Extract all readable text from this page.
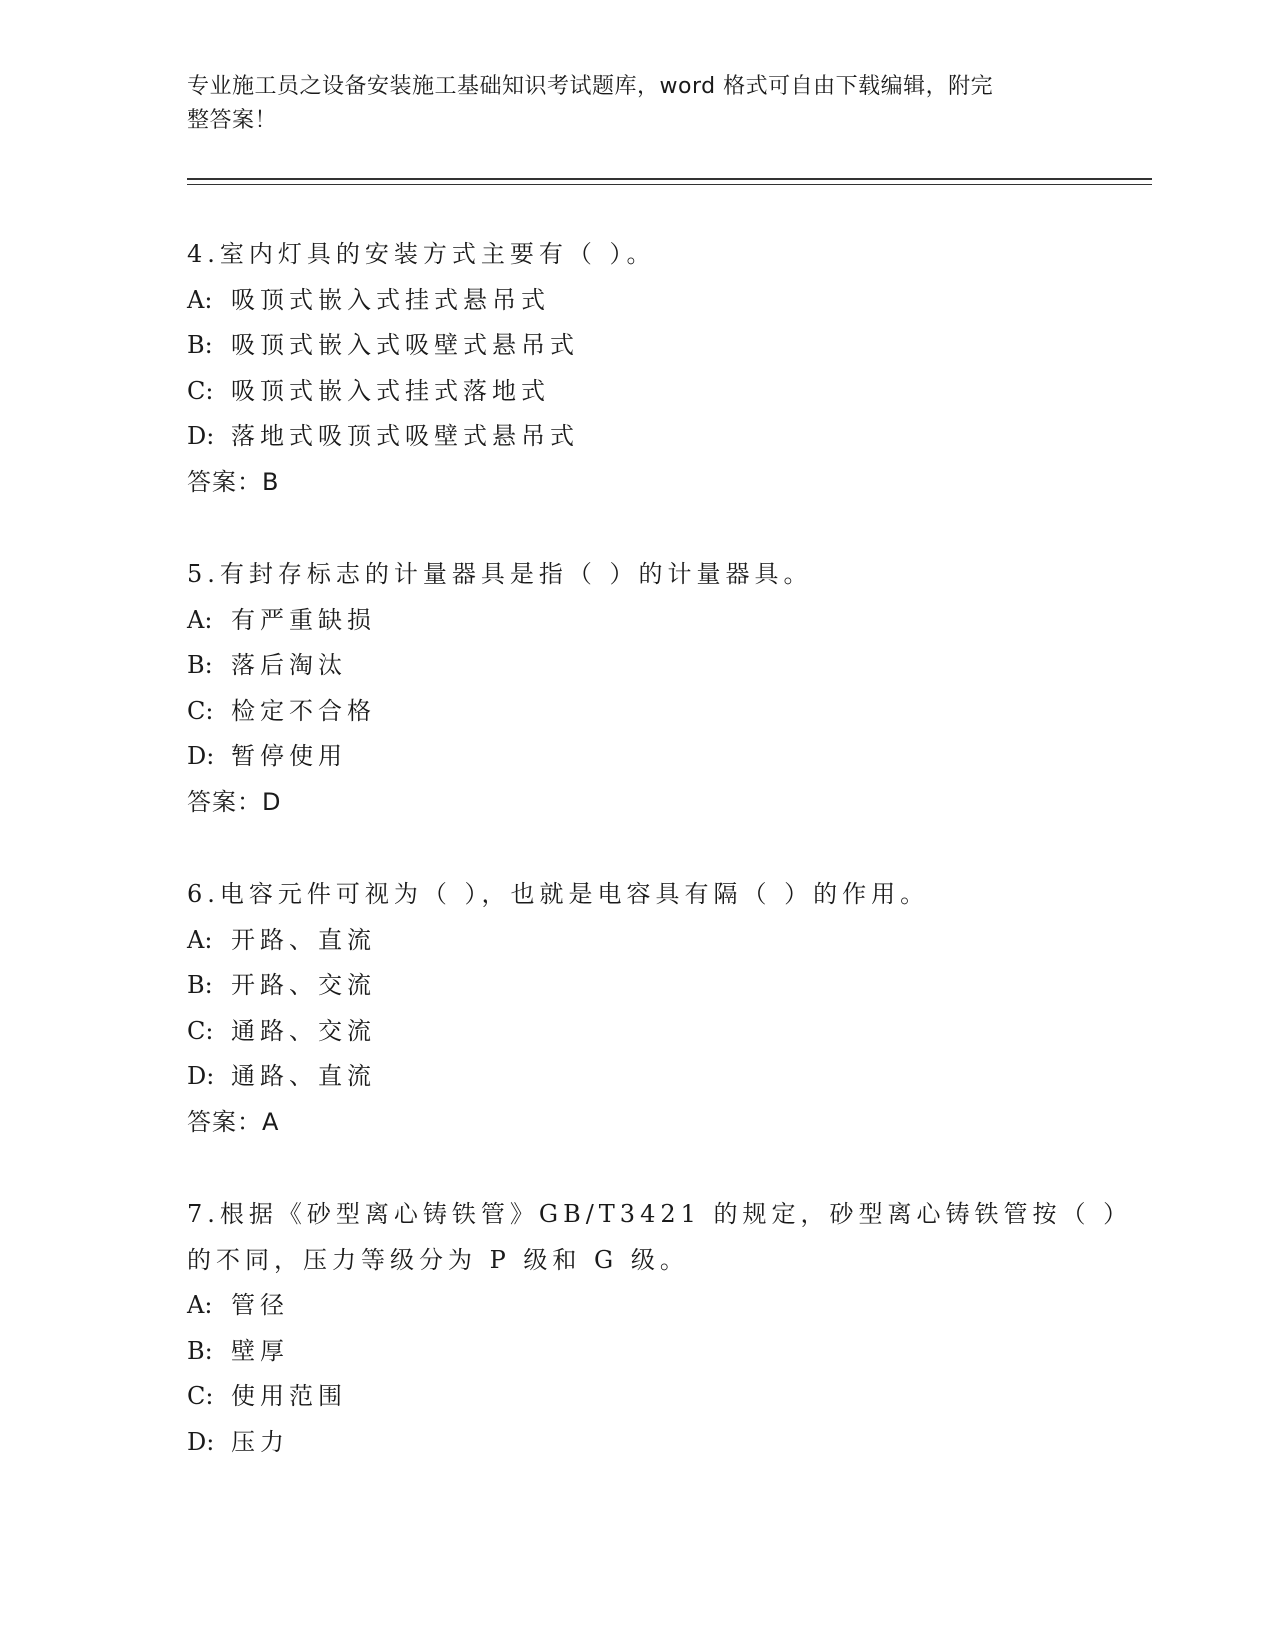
专业施工员之设备安装施工基础知识考试题库，word 格式可自由下载编辑，附完
整答案！
4.室内灯具的安装方式主要有（ ）。
A: 吸顶式嵌入式挂式悬吊式
B: 吸顶式嵌入式吸壁式悬吊式
C: 吸顶式嵌入式挂式落地式
D: 落地式吸顶式吸壁式悬吊式
答案：B
5.有封存标志的计量器具是指（ ）的计量器具。
A: 有严重缺损
B: 落后淘汰
C: 检定不合格
D: 暂停使用
答案：D
6.电容元件可视为（ ），也就是电容具有隔（ ）的作用。
A: 开路、直流
B: 开路、交流
C: 通路、交流
D: 通路、直流
答案：A
7.根据《砂型离心铸铁管》GB/T3421 的规定，砂型离心铸铁管按（ ）
的不同，压力等级分为 P 级和 G 级。
A: 管径
B: 壁厚
C: 使用范围
D: 压力
